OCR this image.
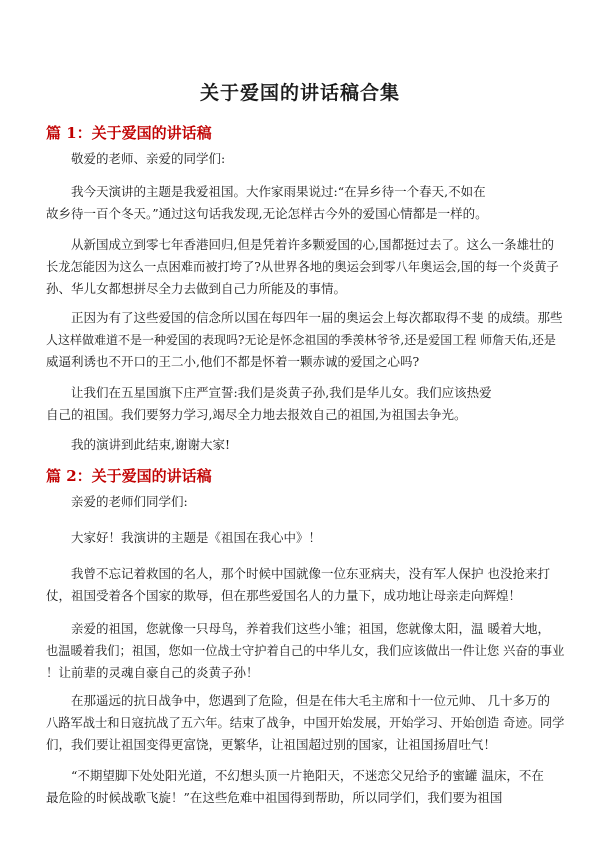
关于爱国的讲话稿合集
篇 1：关于爱国的讲话稿
敬爱的老师、亲爱的同学们:
我今天演讲的主题是我爱祖国。大作家雨果说过:“在异乡待一个春天,不如在
故乡待一百个冬天。”通过这句话我发现,无论怎样古今外的爱国心情都是一样的。
从新国成立到零七年香港回归,但是凭着许多颗爱国的心,国都挺过去了。这么一条雄壮的
长龙怎能因为这么一点困难而被打垮了?从世界各地的奥运会到零八年奥运会,国的每一个炎黄子
孙、华儿女都想拼尽全力去做到自己力所能及的事情。
正因为有了这些爱国的信念所以国在每四年一届的奥运会上每次都取得不斐 的成绩。那些
人这样做难道不是一种爱国的表现吗?无论是怀念祖国的季羡林爷爷,还是爱国工程 师詹天佑,还是
威逼利诱也不开口的王二小,他们不都是怀着一颗赤诚的爱国之心吗?
让我们在五星国旗下庄严宣誓:我们是炎黄子孙,我们是华儿女。我们应该热爱
自己的祖国。我们要努力学习,竭尽全力地去报效自己的祖国,为祖国去争光。
我的演讲到此结束,谢谢大家!
篇 2：关于爱国的讲话稿
亲爱的老师们同学们:
大家好！我演讲的主题是《祖国在我心中》！
我曾不忘记着救国的名人，那个时候中国就像一位东亚病夫，没有军人保护 也没抢来打
仗，祖国受着各个国家的欺辱，但在那些爱国名人的力量下，成功地让母亲走向辉煌！
亲爱的祖国，您就像一只母鸟，养着我们这些小雏；祖国，您就像太阳，温 暖着大地，
也温暖着我们；祖国，您如一位战士守护着自己的中华儿女，我们应该做出一件让您 兴奋的事业
！让前辈的灵魂自豪自己的炎黄子孙！
在那遥远的抗日战争中，您遇到了危险，但是在伟大毛主席和十一位元帅、 几十多万的
八路军战士和日寇抗战了五六年。结束了战争，中国开始发展，开始学习、开始创造 奇迹。同学
们，我们要让祖国变得更富饶，更繁华，让祖国超过别的国家，让祖国扬眉吐气！
“不期望脚下处处阳光道，不幻想头顶一片艳阳天，不迷恋父兄给予的蜜罐 温床，不在
最危险的时候战歌飞旋！”在这些危难中祖国得到帮助，所以同学们，我们要为祖国
